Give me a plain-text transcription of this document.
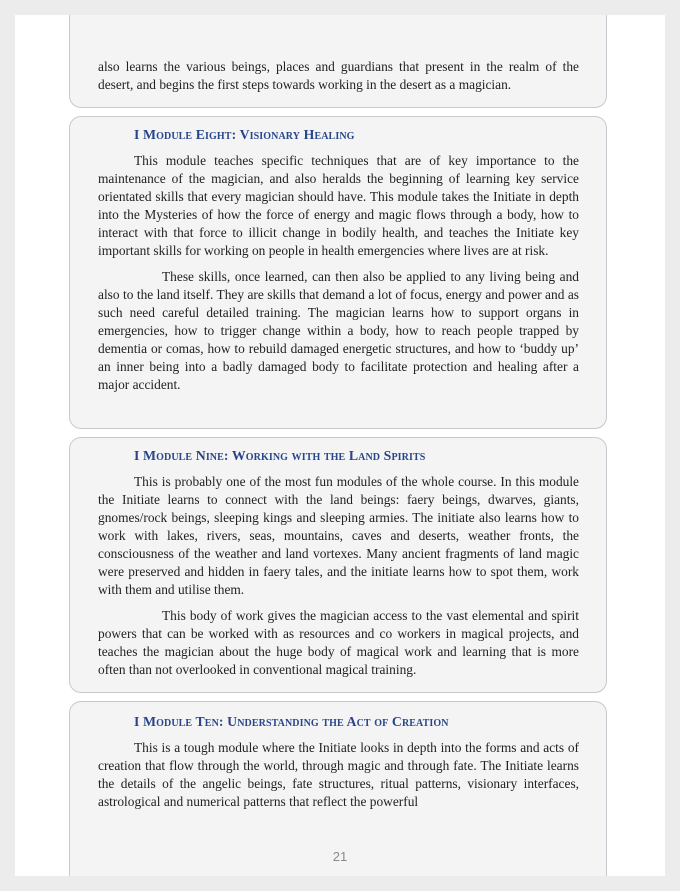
also learns the various beings, places and guardians that present in the realm of the desert, and begins the first steps towards working in the desert as a magician.

I Module Eight: Visionary Healing

This module teaches specific techniques that are of key importance to the maintenance of the magician, and also heralds the beginning of learning key service orientated skills that every magician should have. This module takes the Initiate in depth into the Mysteries of how the force of energy and magic flows through a body, how to interact with that force to illicit change in bodily health, and teaches the Initiate key important skills for working on people in health emergencies where lives are at risk.

These skills, once learned, can then also be applied to any living being and also to the land itself. They are skills that demand a lot of focus, energy and power and as such need careful detailed training. The magician learns how to support organs in emergencies, how to trigger change within a body, how to reach people trapped by dementia or comas, how to rebuild damaged energetic structures, and how to ‘buddy up’ an inner being into a badly damaged body to facilitate protection and healing after a major accident.

I Module Nine: Working with the Land Spirits

This is probably one of the most fun modules of the whole course. In this module the Initiate learns to connect with the land beings: faery beings, dwarves, giants, gnomes/rock beings, sleeping kings and sleeping armies. The initiate also learns how to work with lakes, rivers, seas, mountains, caves and deserts, weather fronts, the consciousness of the weather and land vortexes. Many ancient fragments of land magic were preserved and hidden in faery tales, and the initiate learns how to spot them, work with them and utilise them.

This body of work gives the magician access to the vast elemental and spirit powers that can be worked with as resources and co workers in magical projects, and teaches the magician about the huge body of magical work and learning that is more often than not overlooked in conventional magical training.

I Module Ten: Understanding the Act of Creation

This is a tough module where the Initiate looks in depth into the forms and acts of creation that flow through the world, through magic and through fate. The Initiate learns the details of the angelic beings, fate structures, ritual patterns, visionary interfaces, astrological and numerical patterns that reflect the powerful

21
